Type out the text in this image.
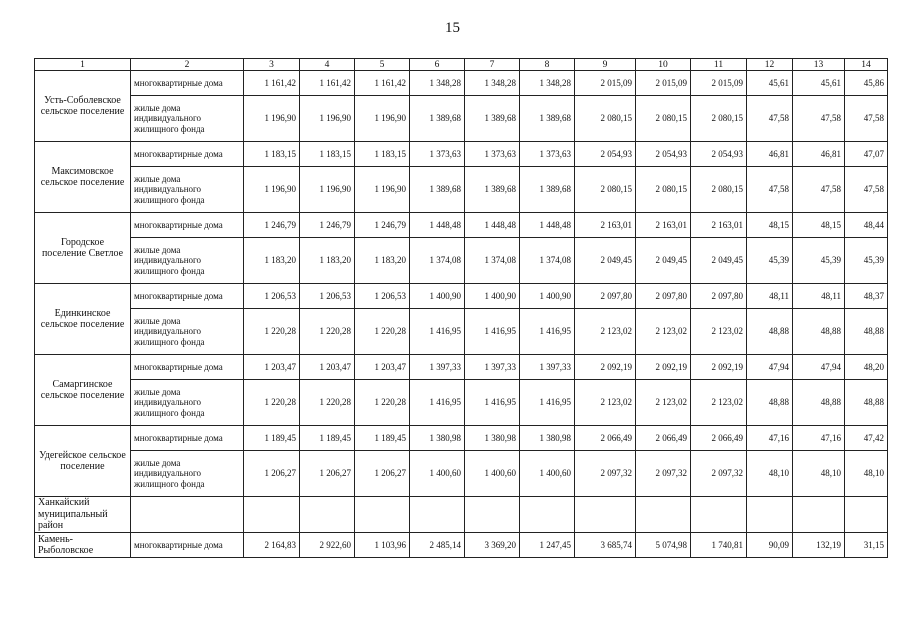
15
1	2	3	4	5	6	7	8	9	10	11	12	13	14
Усть-Соболевское сельское поселение	многоквартирные дома	1 161,42	1 161,42	1 161,42	1 348,28	1 348,28	1 348,28	2 015,09	2 015,09	2 015,09	45,61	45,61	45,86
	жилые дома индивидуального жилищного фонда	1 196,90	1 196,90	1 196,90	1 389,68	1 389,68	1 389,68	2 080,15	2 080,15	2 080,15	47,58	47,58	47,58
Максимовское сельское поселение	многоквартирные дома	1 183,15	1 183,15	1 183,15	1 373,63	1 373,63	1 373,63	2 054,93	2 054,93	2 054,93	46,81	46,81	47,07
	жилые дома индивидуального жилищного фонда	1 196,90	1 196,90	1 196,90	1 389,68	1 389,68	1 389,68	2 080,15	2 080,15	2 080,15	47,58	47,58	47,58
Городское поселение Светлое	многоквартирные дома	1 246,79	1 246,79	1 246,79	1 448,48	1 448,48	1 448,48	2 163,01	2 163,01	2 163,01	48,15	48,15	48,44
	жилые дома индивидуального жилищного фонда	1 183,20	1 183,20	1 183,20	1 374,08	1 374,08	1 374,08	2 049,45	2 049,45	2 049,45	45,39	45,39	45,39
Единкинское сельское поселение	многоквартирные дома	1 206,53	1 206,53	1 206,53	1 400,90	1 400,90	1 400,90	2 097,80	2 097,80	2 097,80	48,11	48,11	48,37
	жилые дома индивидуального жилищного фонда	1 220,28	1 220,28	1 220,28	1 416,95	1 416,95	1 416,95	2 123,02	2 123,02	2 123,02	48,88	48,88	48,88
Самаргинское сельское поселение	многоквартирные дома	1 203,47	1 203,47	1 203,47	1 397,33	1 397,33	1 397,33	2 092,19	2 092,19	2 092,19	47,94	47,94	48,20
	жилые дома индивидуального жилищного фонда	1 220,28	1 220,28	1 220,28	1 416,95	1 416,95	1 416,95	2 123,02	2 123,02	2 123,02	48,88	48,88	48,88
Удегейское сельское поселение	многоквартирные дома	1 189,45	1 189,45	1 189,45	1 380,98	1 380,98	1 380,98	2 066,49	2 066,49	2 066,49	47,16	47,16	47,42
	жилые дома индивидуального жилищного фонда	1 206,27	1 206,27	1 206,27	1 400,60	1 400,60	1 400,60	2 097,32	2 097,32	2 097,32	48,10	48,10	48,10
Ханкайский муниципальный район													
Камень-Рыболовское	многоквартирные дома	2 164,83	2 922,60	1 103,96	2 485,14	3 369,20	1 247,45	3 685,74	5 074,98	1 740,81	90,09	132,19	31,15
